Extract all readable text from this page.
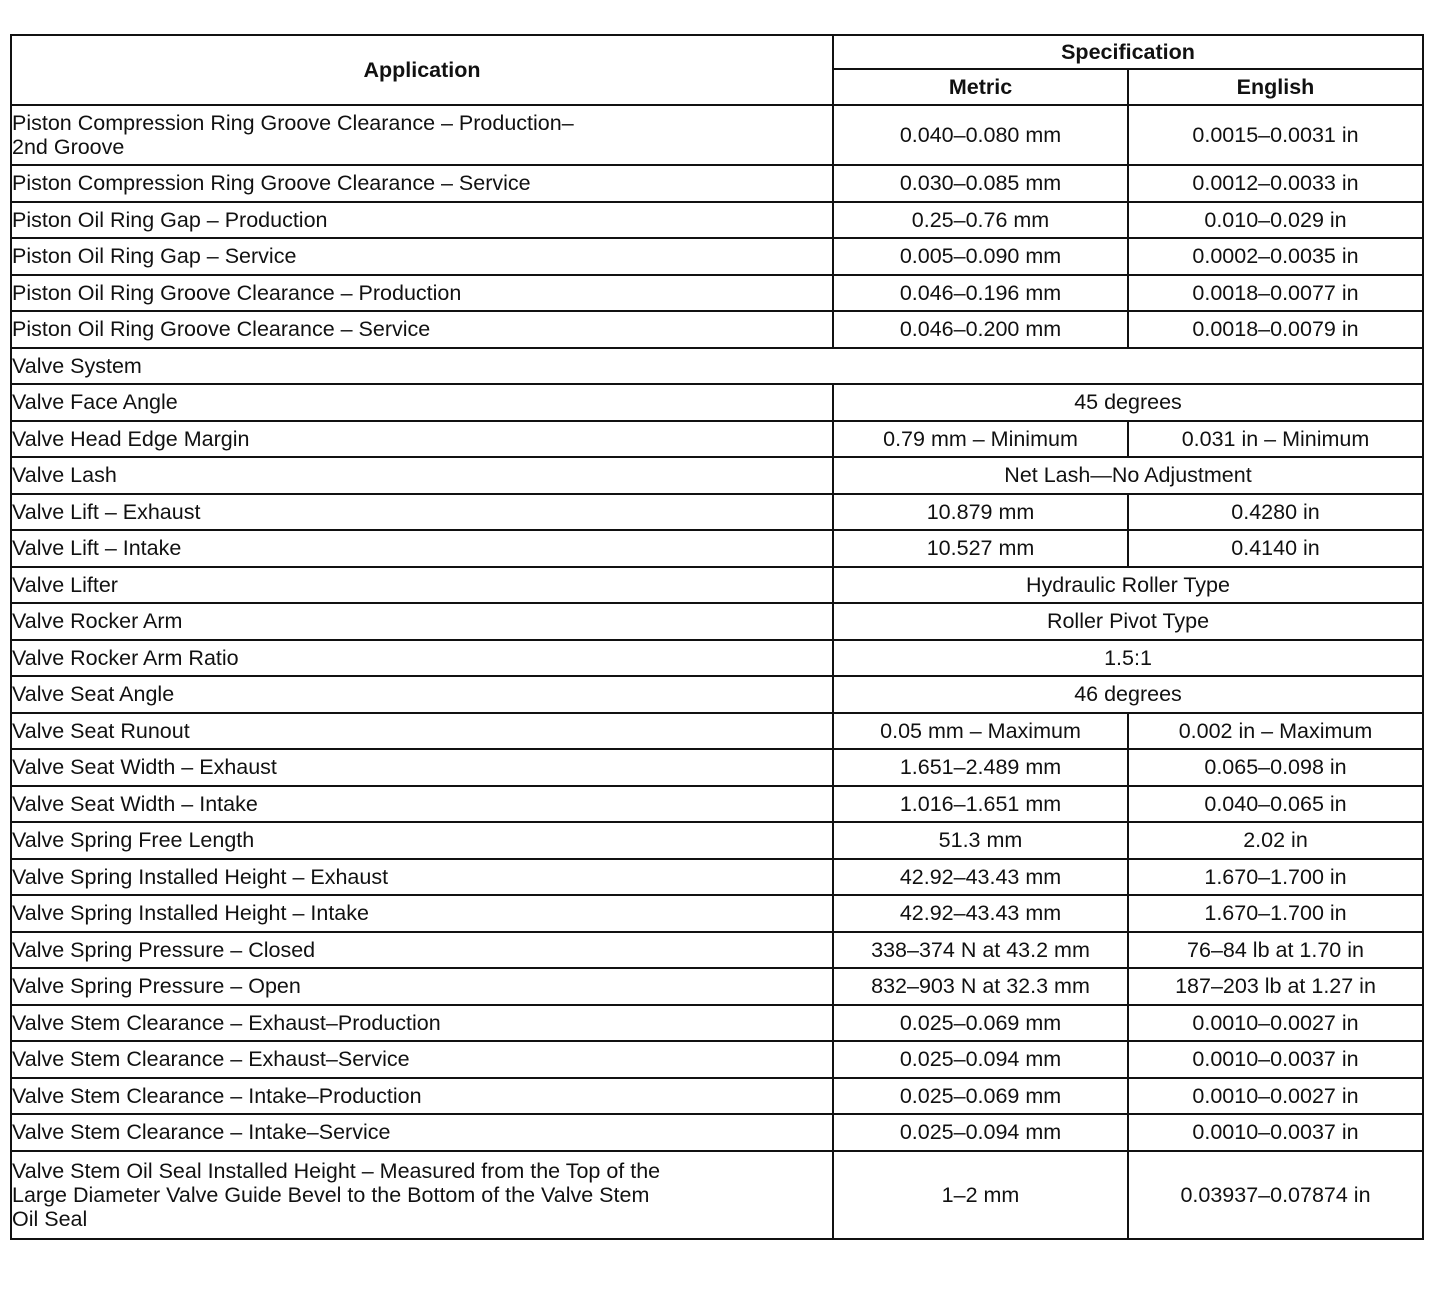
Application	Specification	
	Metric	English
Piston Compression Ring Groove Clearance – Production–
2nd Groove	0.040–0.080 mm	0.0015–0.0031 in
Piston Compression Ring Groove Clearance – Service	0.030–0.085 mm	0.0012–0.0033 in
Piston Oil Ring Gap – Production	0.25–0.76 mm	0.010–0.029 in
Piston Oil Ring Gap – Service	0.005–0.090 mm	0.0002–0.0035 in
Piston Oil Ring Groove Clearance – Production	0.046–0.196 mm	0.0018–0.0077 in
Piston Oil Ring Groove Clearance – Service	0.046–0.200 mm	0.0018–0.0079 in
Valve System		
Valve Face Angle	45 degrees	
Valve Head Edge Margin	0.79 mm – Minimum	0.031 in – Minimum
Valve Lash	Net Lash—No Adjustment	
Valve Lift – Exhaust	10.879 mm	0.4280 in
Valve Lift – Intake	10.527 mm	0.4140 in
Valve Lifter	Hydraulic Roller Type	
Valve Rocker Arm	Roller Pivot Type	
Valve Rocker Arm Ratio	1.5:1	
Valve Seat Angle	46 degrees	
Valve Seat Runout	0.05 mm – Maximum	0.002 in – Maximum
Valve Seat Width – Exhaust	1.651–2.489 mm	0.065–0.098 in
Valve Seat Width – Intake	1.016–1.651 mm	0.040–0.065 in
Valve Spring Free Length	51.3 mm	2.02 in
Valve Spring Installed Height – Exhaust	42.92–43.43 mm	1.670–1.700 in
Valve Spring Installed Height – Intake	42.92–43.43 mm	1.670–1.700 in
Valve Spring Pressure – Closed	338–374 N at 43.2 mm	76–84 lb at 1.70 in
Valve Spring Pressure – Open	832–903 N at 32.3 mm	187–203 lb at 1.27 in
Valve Stem Clearance – Exhaust–Production	0.025–0.069 mm	0.0010–0.0027 in
Valve Stem Clearance – Exhaust–Service	0.025–0.094 mm	0.0010–0.0037 in
Valve Stem Clearance – Intake–Production	0.025–0.069 mm	0.0010–0.0027 in
Valve Stem Clearance – Intake–Service	0.025–0.094 mm	0.0010–0.0037 in
Valve Stem Oil Seal Installed Height – Measured from the Top of the
Large Diameter Valve Guide Bevel to the Bottom of the Valve Stem
Oil Seal	1–2 mm	0.03937–0.07874 in
